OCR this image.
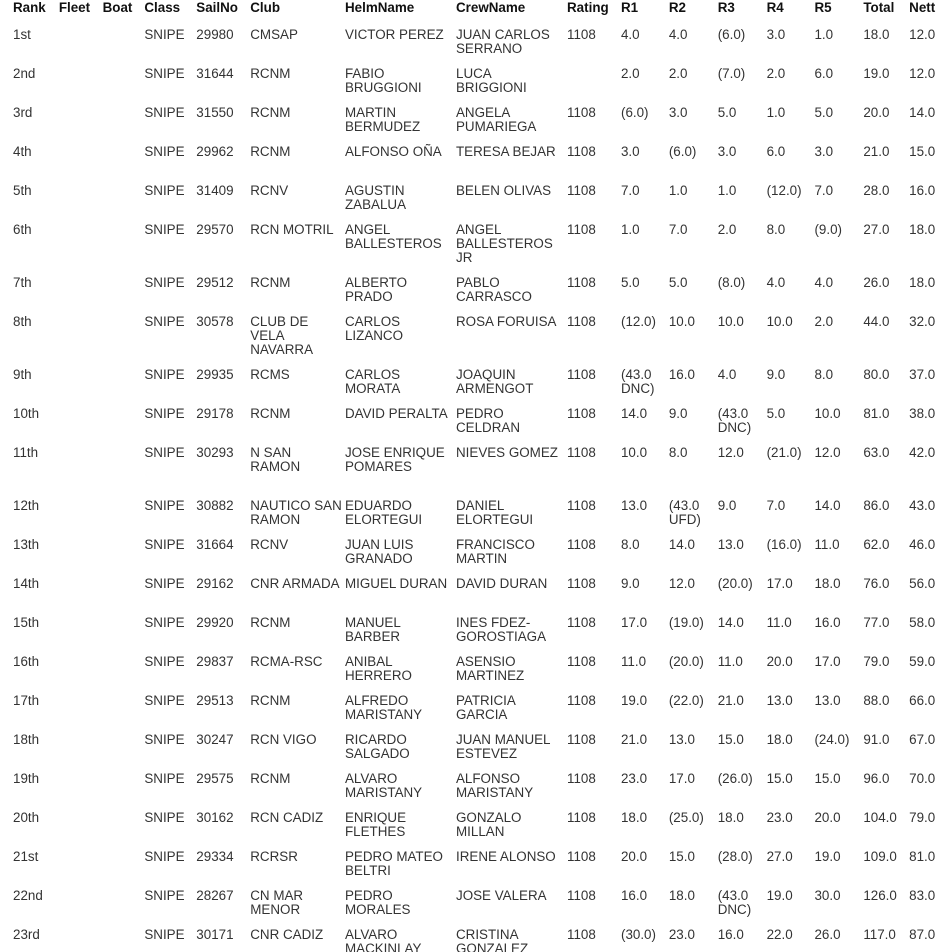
Rank	Fleet	Boat	Class	SailNo	Club	HelmName	CrewName	Rating	R1	R2	R3	R4	R5	Total	Nett
1st			SNIPE	29980	CMSAP	VICTOR PEREZ	JUAN CARLOS SERRANO	1108	4.0	4.0	(6.0)	3.0	1.0	18.0	12.0
2nd			SNIPE	31644	RCNM	FABIO BRUGGIONI	LUCA BRIGGIONI		2.0	2.0	(7.0)	2.0	6.0	19.0	12.0
3rd			SNIPE	31550	RCNM	MARTIN BERMUDEZ	ANGELA PUMARIEGA	1108	(6.0)	3.0	5.0	1.0	5.0	20.0	14.0
4th			SNIPE	29962	RCNM	ALFONSO OÑA	TERESA BEJAR	1108	3.0	(6.0)	3.0	6.0	3.0	21.0	15.0
5th			SNIPE	31409	RCNV	AGUSTIN ZABALUA	BELEN OLIVAS	1108	7.0	1.0	1.0	(12.0)	7.0	28.0	16.0
6th			SNIPE	29570	RCN MOTRIL	ANGEL BALLESTEROS	ANGEL BALLESTEROS JR	1108	1.0	7.0	2.0	8.0	(9.0)	27.0	18.0
7th			SNIPE	29512	RCNM	ALBERTO PRADO	PABLO CARRASCO	1108	5.0	5.0	(8.0)	4.0	4.0	26.0	18.0
8th			SNIPE	30578	CLUB DE VELA NAVARRA	CARLOS LIZANCO	ROSA FORUISA	1108	(12.0)	10.0	10.0	10.0	2.0	44.0	32.0
9th			SNIPE	29935	RCMS	CARLOS MORATA	JOAQUIN ARMENGOT	1108	(43.0 DNC)	16.0	4.0	9.0	8.0	80.0	37.0
10th			SNIPE	29178	RCNM	DAVID PERALTA	PEDRO CELDRAN	1108	14.0	9.0	(43.0 DNC)	5.0	10.0	81.0	38.0
11th			SNIPE	30293	N SAN RAMON	JOSE ENRIQUE POMARES	NIEVES GOMEZ	1108	10.0	8.0	12.0	(21.0)	12.0	63.0	42.0
12th			SNIPE	30882	NAUTICO SAN RAMON	EDUARDO ELORTEGUI	DANIEL ELORTEGUI	1108	13.0	(43.0 UFD)	9.0	7.0	14.0	86.0	43.0
13th			SNIPE	31664	RCNV	JUAN LUIS GRANADO	FRANCISCO MARTIN	1108	8.0	14.0	13.0	(16.0)	11.0	62.0	46.0
14th			SNIPE	29162	CNR ARMADA	MIGUEL DURAN	DAVID DURAN	1108	9.0	12.0	(20.0)	17.0	18.0	76.0	56.0
15th			SNIPE	29920	RCNM	MANUEL BARBER	INES FDEZ-GOROSTIAGA	1108	17.0	(19.0)	14.0	11.0	16.0	77.0	58.0
16th			SNIPE	29837	RCMA-RSC	ANIBAL HERRERO	ASENSIO MARTINEZ	1108	11.0	(20.0)	11.0	20.0	17.0	79.0	59.0
17th			SNIPE	29513	RCNM	ALFREDO MARISTANY	PATRICIA GARCIA	1108	19.0	(22.0)	21.0	13.0	13.0	88.0	66.0
18th			SNIPE	30247	RCN VIGO	RICARDO SALGADO	JUAN MANUEL ESTEVEZ	1108	21.0	13.0	15.0	18.0	(24.0)	91.0	67.0
19th			SNIPE	29575	RCNM	ALVARO MARISTANY	ALFONSO MARISTANY	1108	23.0	17.0	(26.0)	15.0	15.0	96.0	70.0
20th			SNIPE	30162	RCN CADIZ	ENRIQUE FLETHES	GONZALO MILLAN	1108	18.0	(25.0)	18.0	23.0	20.0	104.0	79.0
21st			SNIPE	29334	RCRSR	PEDRO MATEO BELTRI	IRENE ALONSO	1108	20.0	15.0	(28.0)	27.0	19.0	109.0	81.0
22nd			SNIPE	28267	CN MAR MENOR	PEDRO MORALES	JOSE VALERA	1108	16.0	18.0	(43.0 DNC)	19.0	30.0	126.0	83.0
23rd			SNIPE	30171	CNR CADIZ	ALVARO MACKINLAY	CRISTINA GONZALEZ	1108	(30.0)	23.0	16.0	22.0	26.0	117.0	87.0
